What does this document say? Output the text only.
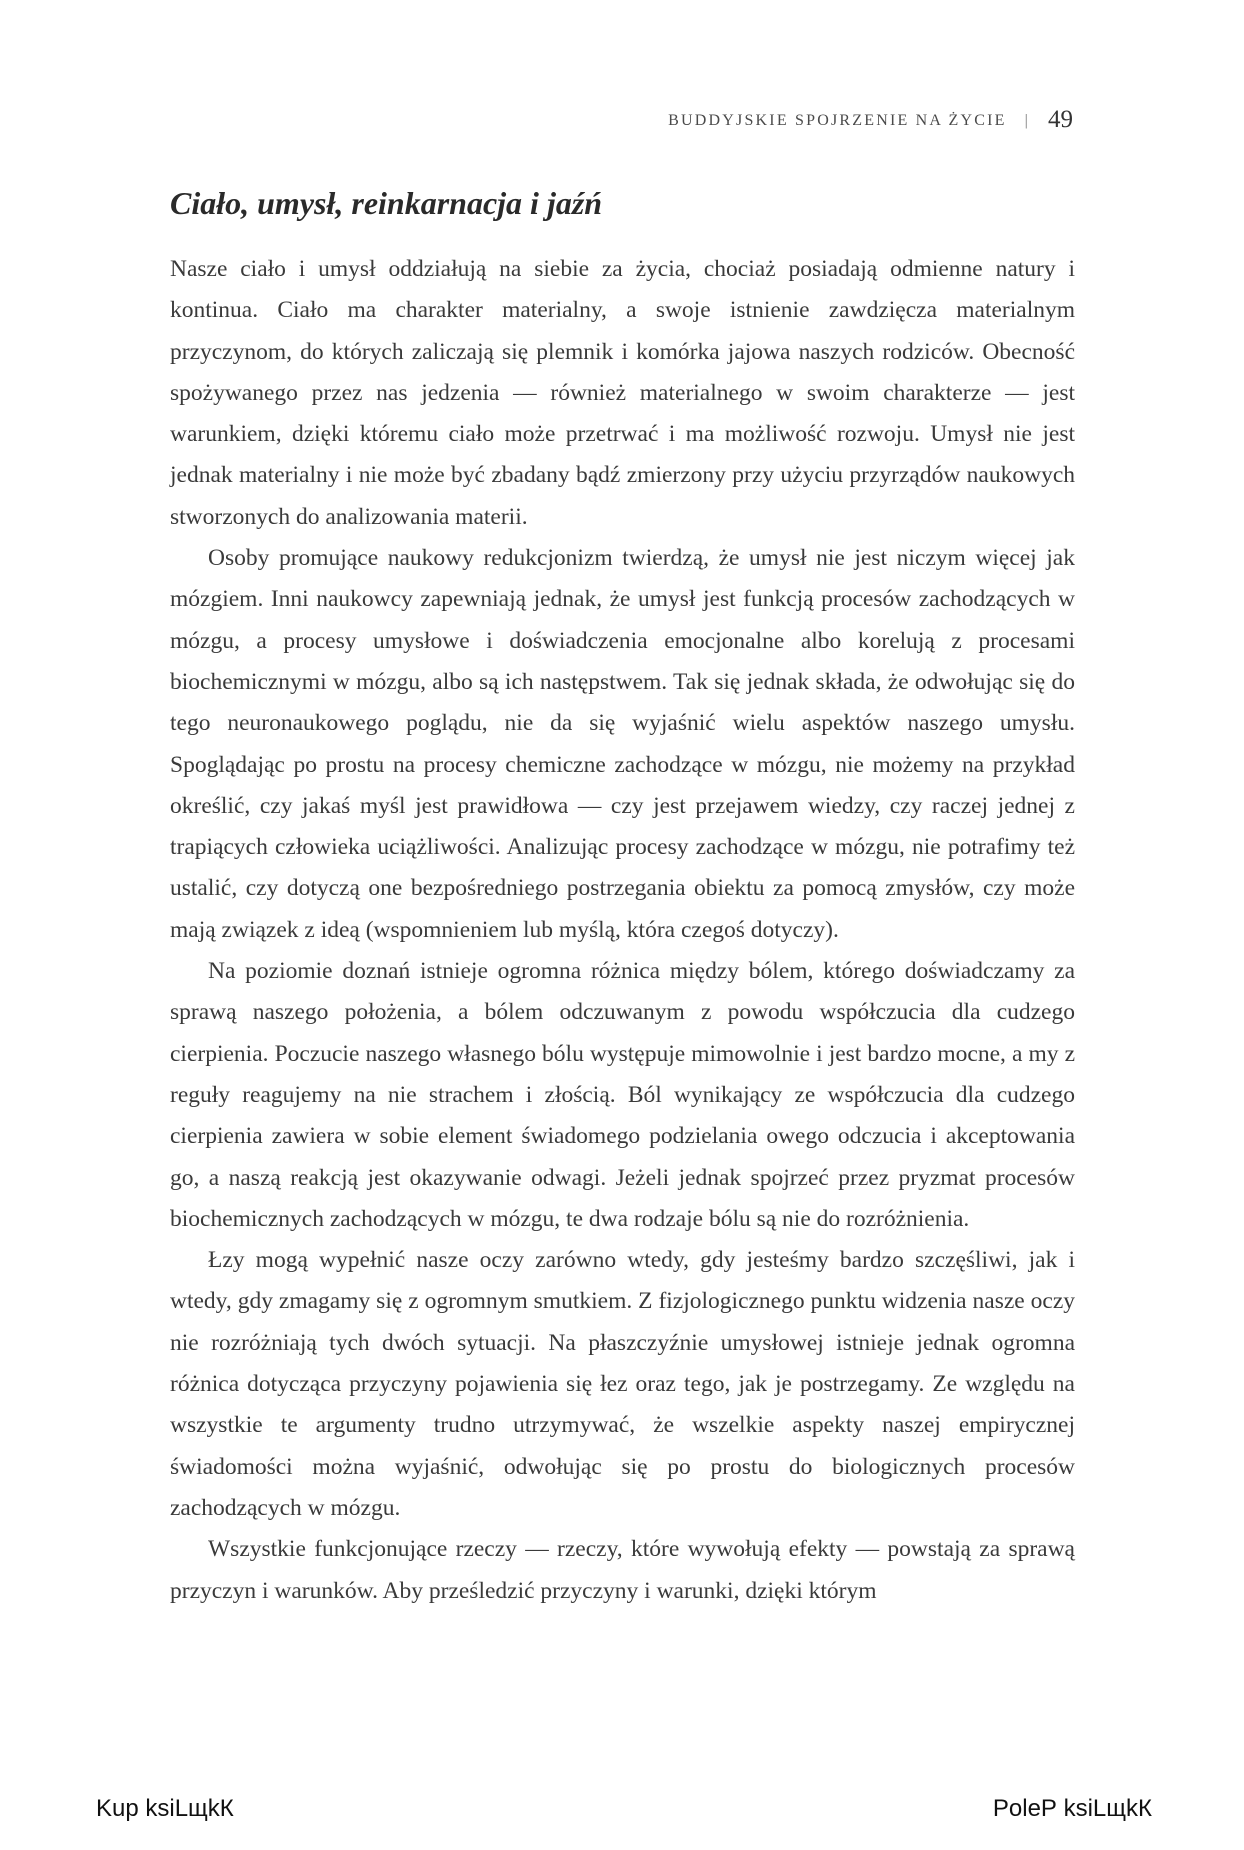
BUDDYJSKIE SPOJRZENIE NA ŻYCIE | 49
Ciało, umysł, reinkarnacja i jaźń

Nasze ciało i umysł oddziałują na siebie za życia, chociaż posiadają odmienne natury i kontinua. Ciało ma charakter materialny, a swoje istnienie zawdzięcza materialnym przyczynom, do których zaliczają się plemnik i komórka jajowa naszych rodziców. Obecność spożywanego przez nas jedzenia — również materialnego w swoim charakterze — jest warunkiem, dzięki któremu ciało może przetrwać i ma możliwość rozwoju. Umysł nie jest jednak materialny i nie może być zbadany bądź zmierzony przy użyciu przyrządów naukowych stworzonych do analizowania materii.

Osoby promujące naukowy redukcjonizm twierdzą, że umysł nie jest niczym więcej jak mózgiem. Inni naukowcy zapewniają jednak, że umysł jest funkcją procesów zachodzących w mózgu, a procesy umysłowe i doświadczenia emocjonalne albo korelują z procesami biochemicznymi w mózgu, albo są ich następstwem. Tak się jednak składa, że odwołując się do tego neuronaukowego poglądu, nie da się wyjaśnić wielu aspektów naszego umysłu. Spoglądając po prostu na procesy chemiczne zachodzące w mózgu, nie możemy na przykład określić, czy jakaś myśl jest prawidłowa — czy jest przejawem wiedzy, czy raczej jednej z trapiących człowieka uciążliwości. Analizując procesy zachodzące w mózgu, nie potrafimy też ustalić, czy dotyczą one bezpośredniego postrzegania obiektu za pomocą zmysłów, czy może mają związek z ideą (wspomnieniem lub myślą, która czegoś dotyczy).

Na poziomie doznań istnieje ogromna różnica między bólem, którego doświadczamy za sprawą naszego położenia, a bólem odczuwanym z powodu współczucia dla cudzego cierpienia. Poczucie naszego własnego bólu występuje mimowolnie i jest bardzo mocne, a my z reguły reagujemy na nie strachem i złością. Ból wynikający ze współczucia dla cudzego cierpienia zawiera w sobie element świadomego podzielania owego odczucia i akceptowania go, a naszą reakcją jest okazywanie odwagi. Jeżeli jednak spojrzeć przez pryzmat procesów biochemicznych zachodzących w mózgu, te dwa rodzaje bólu są nie do rozróżnienia.

Łzy mogą wypełnić nasze oczy zarówno wtedy, gdy jesteśmy bardzo szczęśliwi, jak i wtedy, gdy zmagamy się z ogromnym smutkiem. Z fizjologicznego punktu widzenia nasze oczy nie rozróżniają tych dwóch sytuacji. Na płaszczyźnie umysłowej istnieje jednak ogromna różnica dotycząca przyczyny pojawienia się łez oraz tego, jak je postrzegamy. Ze względu na wszystkie te argumenty trudno utrzymywać, że wszelkie aspekty naszej empirycznej świadomości można wyjaśnić, odwołując się po prostu do biologicznych procesów zachodzących w mózgu.

Wszystkie funkcjonujące rzeczy — rzeczy, które wywołują efekty — powstają za sprawą przyczyn i warunków. Aby prześledzić przyczyny i warunki, dzięki którym

Kup ksiLщkК	PoleР ksiLщkК
